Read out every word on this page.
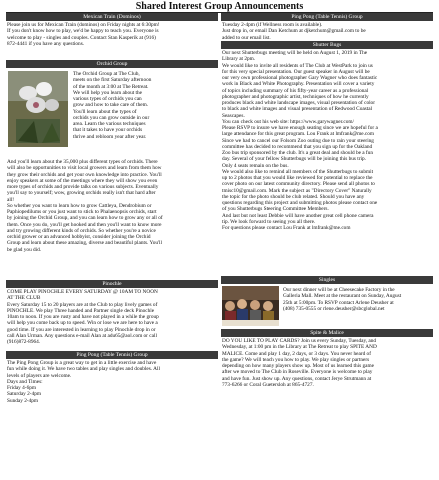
Shared Interest Group Announcements
Mexican Train (Dominos)
Please join us for Mexican Train (dominos) on Friday nights at 6:30pm!
If you don't know how to play, we'd be happy to teach you. Everyone is
welcome to play - singles and couples. Contact Stan Kasperik at (916)
872-4441 if you have any questions.
Orchid Group
The Orchid Group at The Club,
meets on the first Saturday afternoon
of the month at 3:00 at The Retreat.
We will help you learn about the
various types of orchids you can
grow and how to take care of them.
You'll learn about the types of
orchids you can grow outside in our
area. Learn the various techniques
that it takes to have your orchids
thrive and rebloom year after year.
And you'll learn about the 35,000 plus different types of orchids. There
will also be opportunities to visit local growers and learn from them how
they grow their orchids and get your own knowledge into practice. You'll
enjoy speakers at some of the meetings where they will show you even
more types of orchids and provide talks on various subjects. Eventually
you'll say to yourself; wow, growing orchids really isn't that hard after
all!
So whether you want to learn how to grow Cattleya, Dendrobium or
Paphiopedilums or you just want to stick to Phalaenopsis orchids, start
by joining the Orchid Group, and you can learn how to grow any or all of
them. Once you do, you'll get hooked and then you'll want to know more
and try growing different kinds of orchids. So whether you're a novice
orchid grower or an advanced hobbyist, consider joining the Orchid
Group and learn about these amazing, diverse and beautiful plants. You'll
be glad you did.
Pinochle
COME PLAY PINOCHLE EVERY SATURDAY @ 10AM TO NOON
AT THE CLUB
Every Saturday 15 to 20 players are at the Club to play lively games of
PINOCHLE. We play Three handed and Partner single deck Pinochle
10am to noon. If you are rusty and have not played in a while the group
will help you come back up to speed. Win or lose we are here to have a
good time. If you are interested in learning to play Pinochle drop in or
call Alan Urman. Any questions e-mail Alan at adu65@aol.com or call
(916)872-8964.
Ping Pong (Table Tennis) Group
The Ping Pong Group is a great way to get in a little exercise and have
fun while doing it. We have two tables and play singles and doubles. All
levels of players are welcome.
Days and Times:
Friday 4-6pm
Saturday 2-4pm
Sunday 2-4pm
Ping Pong (Table Tennis) Group
Tuesday 2-4pm (if Wellness room is available).
Just drop in, or email Dan Ketchum at djketchum@gmail.com to be
added to our email list.
Shutter Bugs
Our next Shutterbugs meeting will be held on August 1, 2019 in The
Library at 2pm.
We would like to invite all residents of The Club at WestPark to join us
for this very special presentation. Our guest speaker in August will be
our very own professional photographer Gary Wagner who does fantastic
work in Black and White Photography. Presentation will cover a variety
of topics including summary of his fifty-year career as a professional
photographer and photographic artist, techniques of how he currently
produces black and white landscape images, visual presentation of color
to black and white images and visual presentation of Redwood Coastal
Seascapes.
You can check out his web site: https://www.garywagner.com/
Please RSVP to insure we have enough seating since we are hopeful for a
large attendance for this great program. Lou Frank at lmfrank@me.com
Since we had to cancel our Folsom Zoo outing due to rain your steering
committee has decided to recommend that you sign up for the Oakland
Zoo bus trip sponsored by the club. It's a great deal and should be a fun
day. Several of your fellow Shutterbugs will be joining this bus trip.
Only 4 seats remain on the bus.
We would also like to remind all members of the Shutterbugs to submit
up to 2 photos that you would like reviewed for potential to replace the
cover photo on our latest community directory. Please send all photos to
tmisc10@gmail.com. Mark the subject as "Directory Cover" Naturally
the topic for the photo should be club related. Should you have any
questions regarding this project and submitting photos please contact one
of you Shutterbugs Steering Committee Members.
And last but not least Debbie will have another great cell phone camera
tip. We look forward to seeing you all there.
For questions please contact Lou Frank at lmfrank@me.com
Singles
Our next dinner will be at Cheesecake Factory in the
Galleria Mall. Meet at the restaurant on Sunday, August
25th at 5:00pm. To RSVP contact Arlene Deusher at
(408) 735-0555 or rlene.deusher@sbcglobal.net
Spite & Malice
DO YOU LIKE TO PLAY CARDS? Join us every Sunday, Tuesday, and
Wednesday, at 1:00 pm in the Library at The Retreat to play SPITE AND
MALICE. Come and play 1 day, 2 days, or 3 days. You never heard of
the game? We will teach you how to play. We play singles or partners
depending on how many players show up. Most of us learned this game
after we moved to The Club in Roseville. Everyone is welcome to play
and have fun. Just show up. Any questions, contact Jerye Strutmann at
773-6266 or Coral Guetersloh at 865-4727.
